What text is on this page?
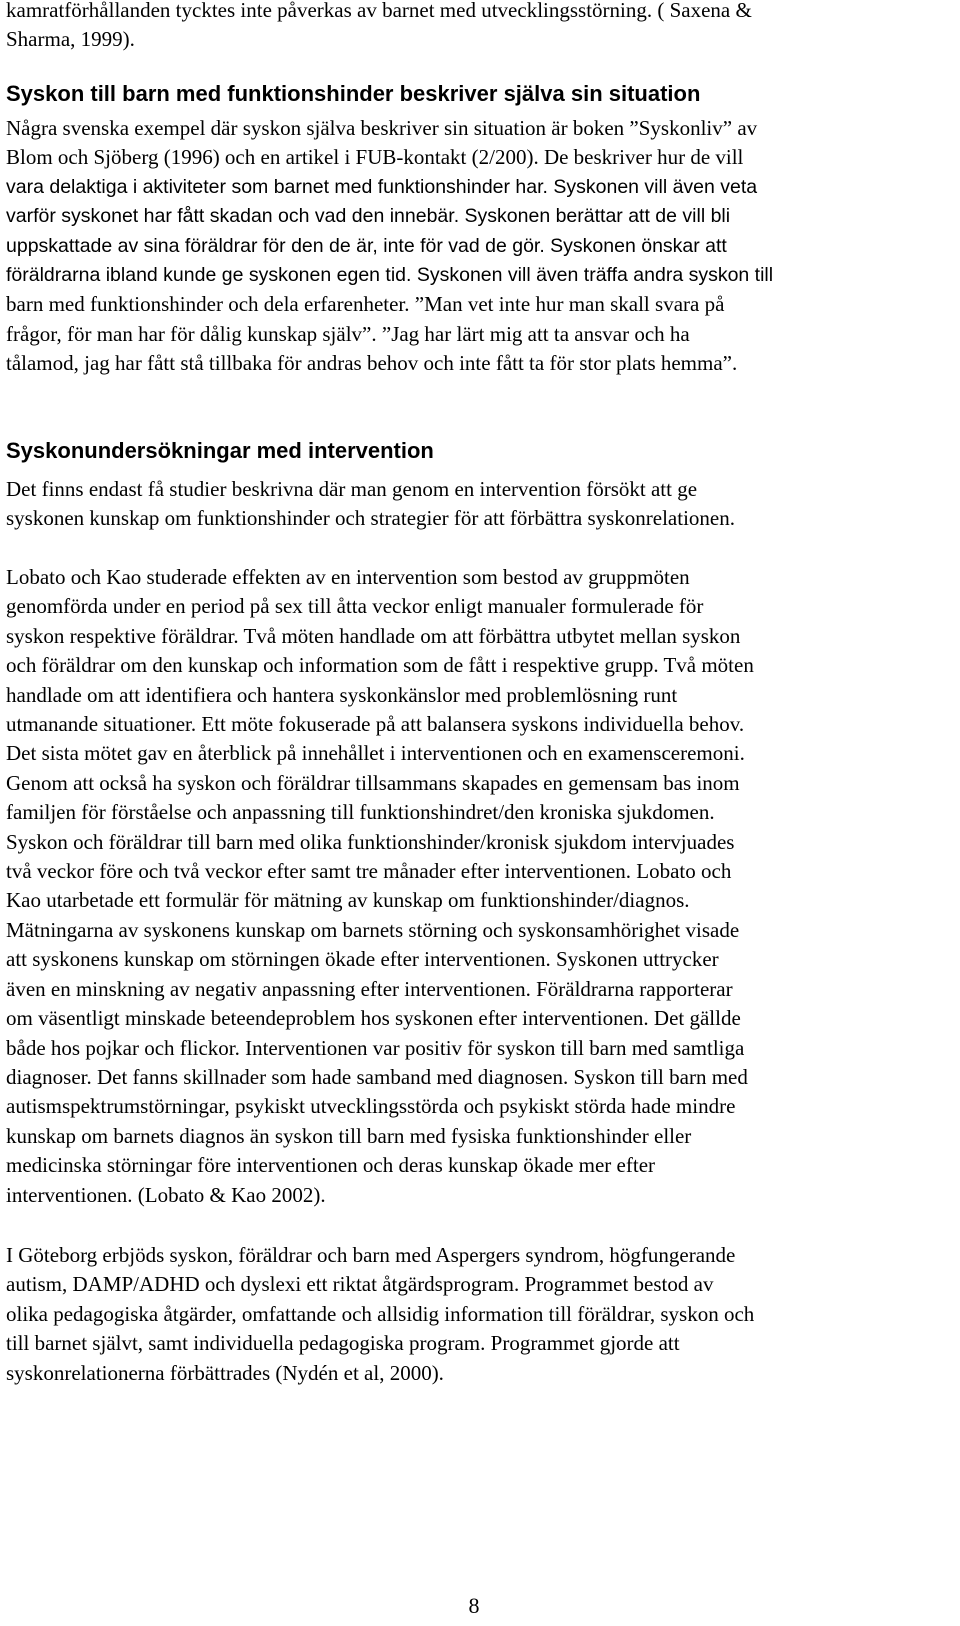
kamratförhållanden tycktes inte påverkas av barnet med utvecklingsstörning. ( Saxena &
Sharma, 1999).
Syskon till barn med funktionshinder beskriver själva sin situation
Några svenska exempel där syskon själva beskriver sin situation är boken ”Syskonliv” av
Blom och Sjöberg (1996) och en artikel i FUB-kontakt (2/200). De beskriver hur de vill
vara delaktiga i aktiviteter som barnet med funktionshinder har. Syskonen vill även veta
varför syskonet har fått skadan och vad den innebär. Syskonen berättar att de vill bli
uppskattade av sina föräldrar för den de är, inte för vad de gör. Syskonen önskar att
föräldrarna ibland kunde ge syskonen egen tid. Syskonen vill även träffa andra syskon till
barn med funktionshinder och dela erfarenheter. ”Man vet inte hur man skall svara på
frågor, för man har för dålig kunskap själv”. ”Jag har lärt mig att ta ansvar och ha
tålamod, jag har fått stå tillbaka för andras behov och inte fått ta för stor plats hemma”.
Syskonundersökningar med intervention
Det finns endast få studier beskrivna där man genom en intervention försökt att ge
syskonen kunskap om funktionshinder och strategier för att förbättra syskonrelationen.
Lobato och Kao studerade effekten av en intervention som bestod av gruppmöten
genomförda under en period på sex till åtta veckor enligt manualer formulerade för
syskon respektive föräldrar. Två möten handlade om att förbättra utbytet mellan syskon
och föräldrar om den kunskap och information som de fått i respektive grupp. Två möten
handlade om att identifiera och hantera syskonkänslor med problemlösning runt
utmanande situationer. Ett möte fokuserade på att balansera syskons individuella behov.
Det sista mötet gav en återblick på innehållet i interventionen och en examensceremoni.
Genom att också ha syskon och föräldrar tillsammans skapades en gemensam bas inom
familjen för förståelse och anpassning till funktionshindret/den kroniska sjukdomen.
Syskon och föräldrar till barn med olika funktionshinder/kronisk sjukdom intervjuades
två veckor före och två veckor efter samt tre månader efter interventionen. Lobato och
Kao utarbetade ett formulär för mätning av kunskap om funktionshinder/diagnos.
Mätningarna av syskonens kunskap om barnets störning och syskonsamhörighet visade
att syskonens kunskap om störningen ökade efter interventionen. Syskonen uttrycker
även en minskning av negativ anpassning efter interventionen. Föräldrarna rapporterar
om väsentligt minskade beteendeproblem hos syskonen efter interventionen. Det gällde
både hos pojkar och flickor. Interventionen var positiv för syskon till barn med samtliga
diagnoser. Det fanns skillnader som hade samband med diagnosen. Syskon till barn med
autismspektrumstörningar, psykiskt utvecklingsstörda och psykiskt störda hade mindre
kunskap om barnets diagnos än syskon till barn med fysiska funktionshinder eller
medicinska störningar före interventionen och deras kunskap ökade mer efter
interventionen. (Lobato & Kao 2002).
I Göteborg erbjöds syskon, föräldrar och barn med Aspergers syndrom, högfungerande
autism, DAMP/ADHD och dyslexi ett riktat åtgärdsprogram. Programmet bestod av
olika pedagogiska åtgärder, omfattande och allsidig information till föräldrar, syskon och
till barnet självt, samt individuella pedagogiska program. Programmet gjorde att
syskonrelationerna förbättrades (Nydén et al, 2000).
8
